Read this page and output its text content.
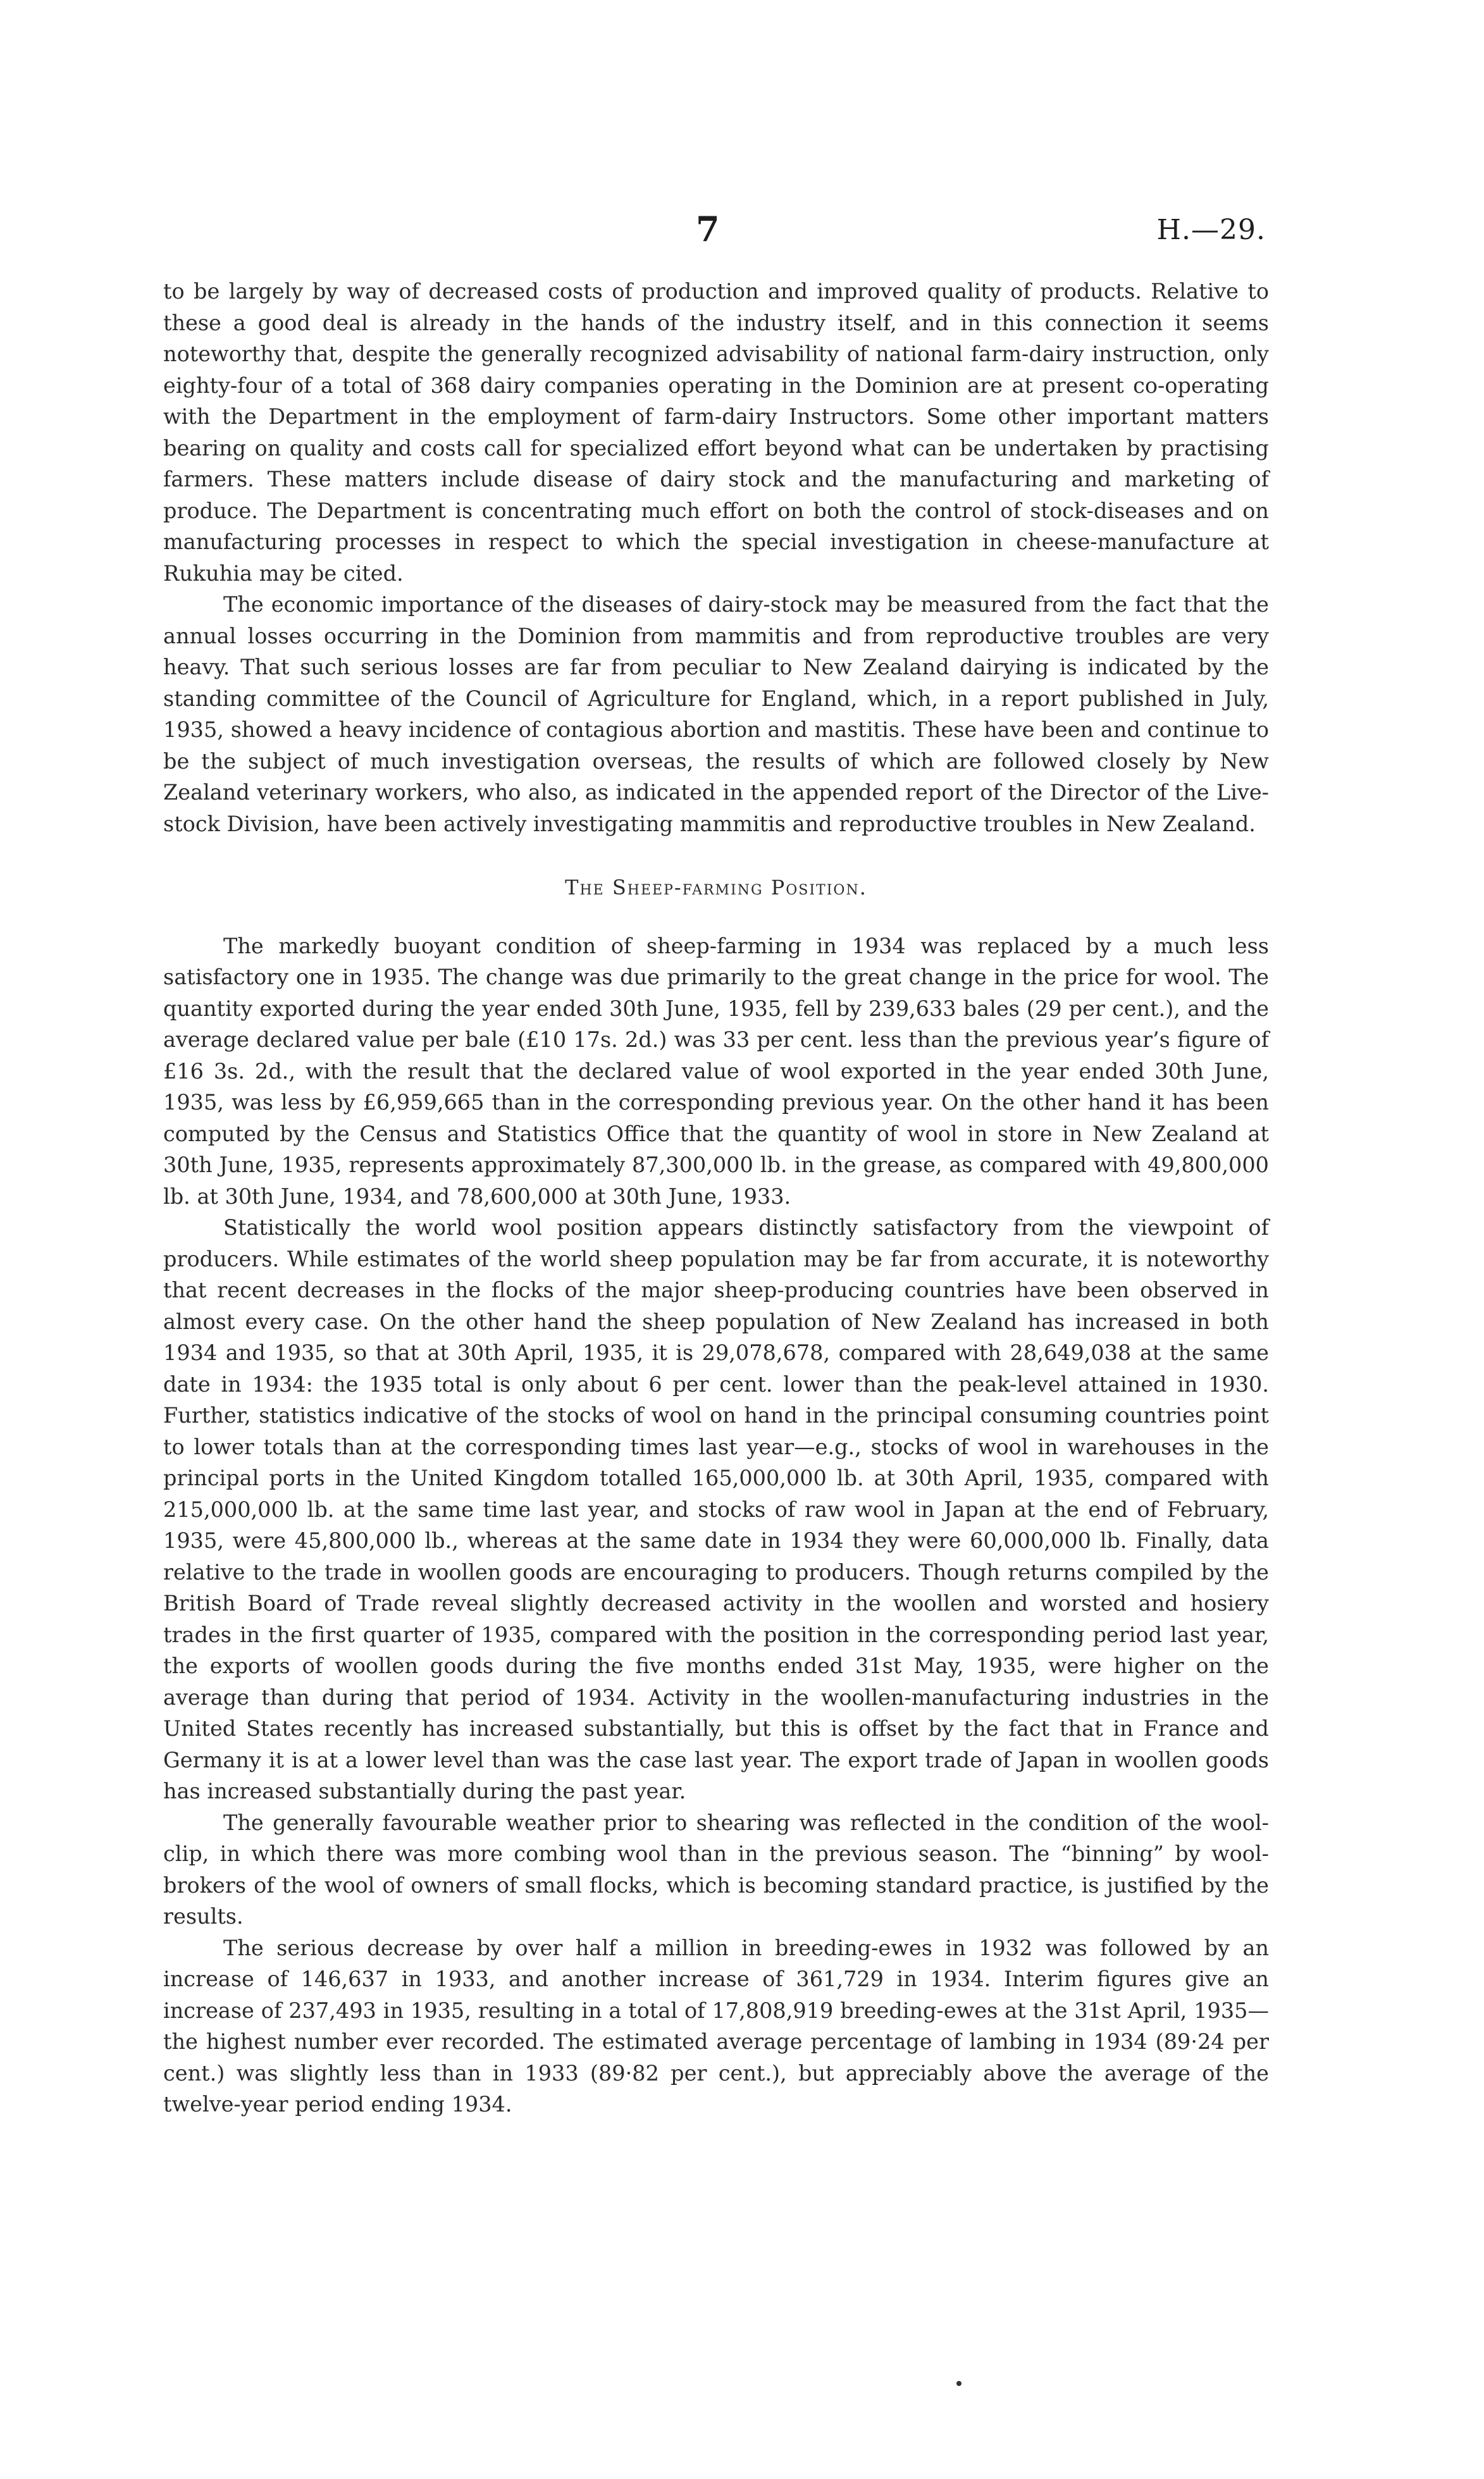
7	H.—29.

to be largely by way of decreased costs of production and improved quality of products. Relative to these a good deal is already in the hands of the industry itself, and in this connection it seems noteworthy that, despite the generally recognized advisability of national farm-dairy instruction, only eighty-four of a total of 368 dairy companies operating in the Dominion are at present co-operating with the Department in the employment of farm-dairy Instructors. Some other important matters bearing on quality and costs call for specialized effort beyond what can be undertaken by practising farmers. These matters include disease of dairy stock and the manufacturing and marketing of produce. The Department is concentrating much effort on both the control of stock-diseases and on manufacturing processes in respect to which the special investigation in cheese-manufacture at Rukuhia may be cited.

The economic importance of the diseases of dairy-stock may be measured from the fact that the annual losses occurring in the Dominion from mammitis and from reproductive troubles are very heavy. That such serious losses are far from peculiar to New Zealand dairying is indicated by the standing committee of the Council of Agriculture for England, which, in a report published in July, 1935, showed a heavy incidence of contagious abortion and mastitis. These have been and continue to be the subject of much investigation overseas, the results of which are followed closely by New Zealand veterinary workers, who also, as indicated in the appended report of the Director of the Live-stock Division, have been actively investigating mammitis and reproductive troubles in New Zealand.

The Sheep-farming Position.

The markedly buoyant condition of sheep-farming in 1934 was replaced by a much less satisfactory one in 1935. The change was due primarily to the great change in the price for wool. The quantity exported during the year ended 30th June, 1935, fell by 239,633 bales (29 per cent.), and the average declared value per bale (£10 17s. 2d.) was 33 per cent. less than the previous year’s figure of £16 3s. 2d., with the result that the declared value of wool exported in the year ended 30th June, 1935, was less by £6,959,665 than in the corresponding previous year. On the other hand it has been computed by the Census and Statistics Office that the quantity of wool in store in New Zealand at 30th June, 1935, represents approximately 87,300,000 lb. in the grease, as compared with 49,800,000 lb. at 30th June, 1934, and 78,600,000 at 30th June, 1933.

Statistically the world wool position appears distinctly satisfactory from the viewpoint of producers. While estimates of the world sheep population may be far from accurate, it is noteworthy that recent decreases in the flocks of the major sheep-producing countries have been observed in almost every case. On the other hand the sheep population of New Zealand has increased in both 1934 and 1935, so that at 30th April, 1935, it is 29,078,678, compared with 28,649,038 at the same date in 1934: the 1935 total is only about 6 per cent. lower than the peak-level attained in 1930. Further, statistics indicative of the stocks of wool on hand in the principal consuming countries point to lower totals than at the corresponding times last year—e.g., stocks of wool in warehouses in the principal ports in the United Kingdom totalled 165,000,000 lb. at 30th April, 1935, compared with 215,000,000 lb. at the same time last year, and stocks of raw wool in Japan at the end of February, 1935, were 45,800,000 lb., whereas at the same date in 1934 they were 60,000,000 lb. Finally, data relative to the trade in woollen goods are encouraging to producers. Though returns compiled by the British Board of Trade reveal slightly decreased activity in the woollen and worsted and hosiery trades in the first quarter of 1935, compared with the position in the corresponding period last year, the exports of woollen goods during the five months ended 31st May, 1935, were higher on the average than during that period of 1934. Activity in the woollen-manufacturing industries in the United States recently has increased substantially, but this is offset by the fact that in France and Germany it is at a lower level than was the case last year. The export trade of Japan in woollen goods has increased substantially during the past year.

The generally favourable weather prior to shearing was reflected in the condition of the wool-clip, in which there was more combing wool than in the previous season. The “binning” by wool-brokers of the wool of owners of small flocks, which is becoming standard practice, is justified by the results.

The serious decrease by over half a million in breeding-ewes in 1932 was followed by an increase of 146,637 in 1933, and another increase of 361,729 in 1934. Interim figures give an increase of 237,493 in 1935, resulting in a total of 17,808,919 breeding-ewes at the 31st April, 1935—the highest number ever recorded. The estimated average percentage of lambing in 1934 (89·24 per cent.) was slightly less than in 1933 (89·82 per cent.), but appreciably above the average of the twelve-year period ending 1934.
